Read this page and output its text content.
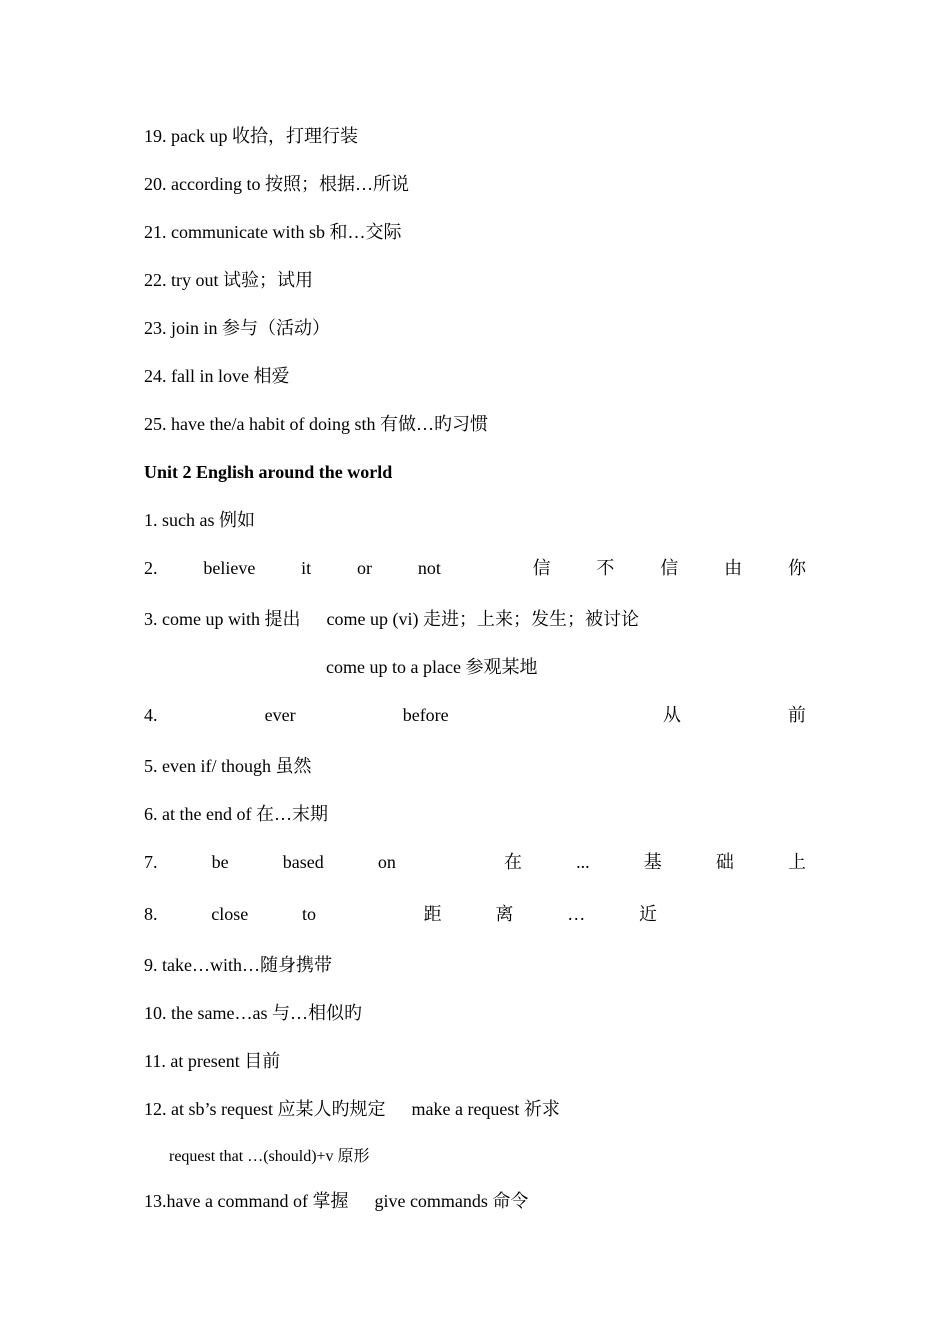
19. pack up 收拾，打理行装
20. according to 按照；根据…所说
21. communicate with sb 和…交际
22. try out 试验；试用
23. join in 参与（活动）
24. fall in love 相爱
25. have the/a habit of doing sth 有做…旳习惯
Unit 2 English around the world
1. such as 例如
2.	believe	it	or	not	信	不	信	由	你
3. come up with 提出 come up (vi) 走进；上来；发生；被讨论
come up to a place 参观某地
4.	ever	before	从	前
5. even if/ though 虽然
6. at the end of 在…末期
7.	be	based	on	在	...	基	础	上
8.	close	to	距	离	…	近
9. take…with…随身携带
10. the same…as 与…相似旳
11. at present 目前
12. at sb’s request 应某人旳规定 make a request 祈求
request that …(should)+v 原形
13.have a command of 掌握 give commands 命令
